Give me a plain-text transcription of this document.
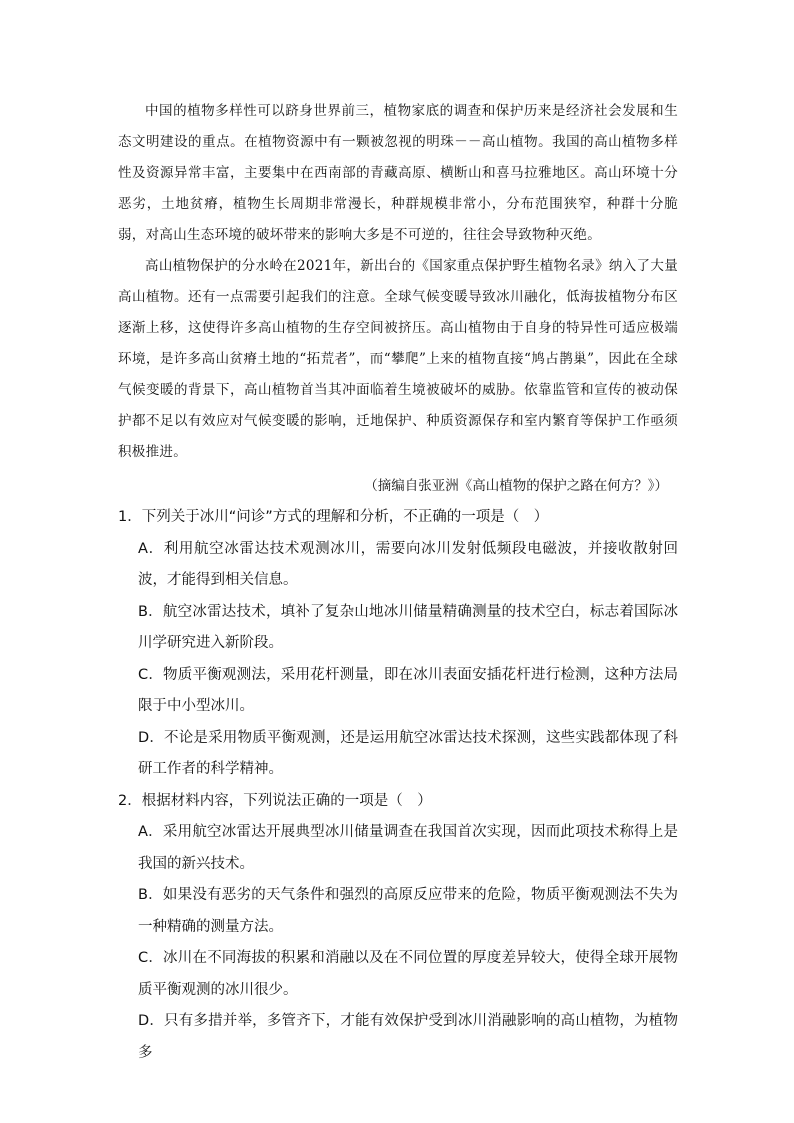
中国的植物多样性可以跻身世界前三，植物家底的调查和保护历来是经济社会发展和生态文明建设的重点。在植物资源中有一颗被忽视的明珠－－高山植物。我国的高山植物多样性及资源异常丰富，主要集中在西南部的青藏高原、横断山和喜马拉雅地区。高山环境十分恶劣，土地贫瘠，植物生长周期非常漫长，种群规模非常小，分布范围狭窄，种群十分脆弱，对高山生态环境的破坏带来的影响大多是不可逆的，往往会导致物种灭绝。

高山植物保护的分水岭在2021年，新出台的《国家重点保护野生植物名录》纳入了大量高山植物。还有一点需要引起我们的注意。全球气候变暖导致冰川融化，低海拔植物分布区逐渐上移，这使得许多高山植物的生存空间被挤压。高山植物由于自身的特异性可适应极端环境，是许多高山贫瘠土地的“拓荒者”，而“攀爬”上来的植物直接“鸠占鹊巢”，因此在全球气候变暖的背景下，高山植物首当其冲面临着生境被破坏的威胁。依靠监管和宣传的被动保护都不足以有效应对气候变暖的影响，迁地保护、种质资源保存和室内繁育等保护工作亟须积极推进。

（摘编自张亚洲《高山植物的保护之路在何方？》）

1．下列关于冰川“问诊”方式的理解和分析，不正确的一项是（　）

A．利用航空冰雷达技术观测冰川，需要向冰川发射低频段电磁波，并接收散射回波，才能得到相关信息。

B．航空冰雷达技术，填补了复杂山地冰川储量精确测量的技术空白，标志着国际冰川学研究进入新阶段。

C．物质平衡观测法，采用花杆测量，即在冰川表面安插花杆进行检测，这种方法局限于中小型冰川。

D．不论是采用物质平衡观测，还是运用航空冰雷达技术探测，这些实践都体现了科研工作者的科学精神。

2．根据材料内容，下列说法正确的一项是（　）

A．采用航空冰雷达开展典型冰川储量调查在我国首次实现，因而此项技术称得上是我国的新兴技术。

B．如果没有恶劣的天气条件和强烈的高原反应带来的危险，物质平衡观测法不失为一种精确的测量方法。

C．冰川在不同海拔的积累和消融以及在不同位置的厚度差异较大，使得全球开展物质平衡观测的冰川很少。

D．只有多措并举，多管齐下，才能有效保护受到冰川消融影响的高山植物，为植物多
